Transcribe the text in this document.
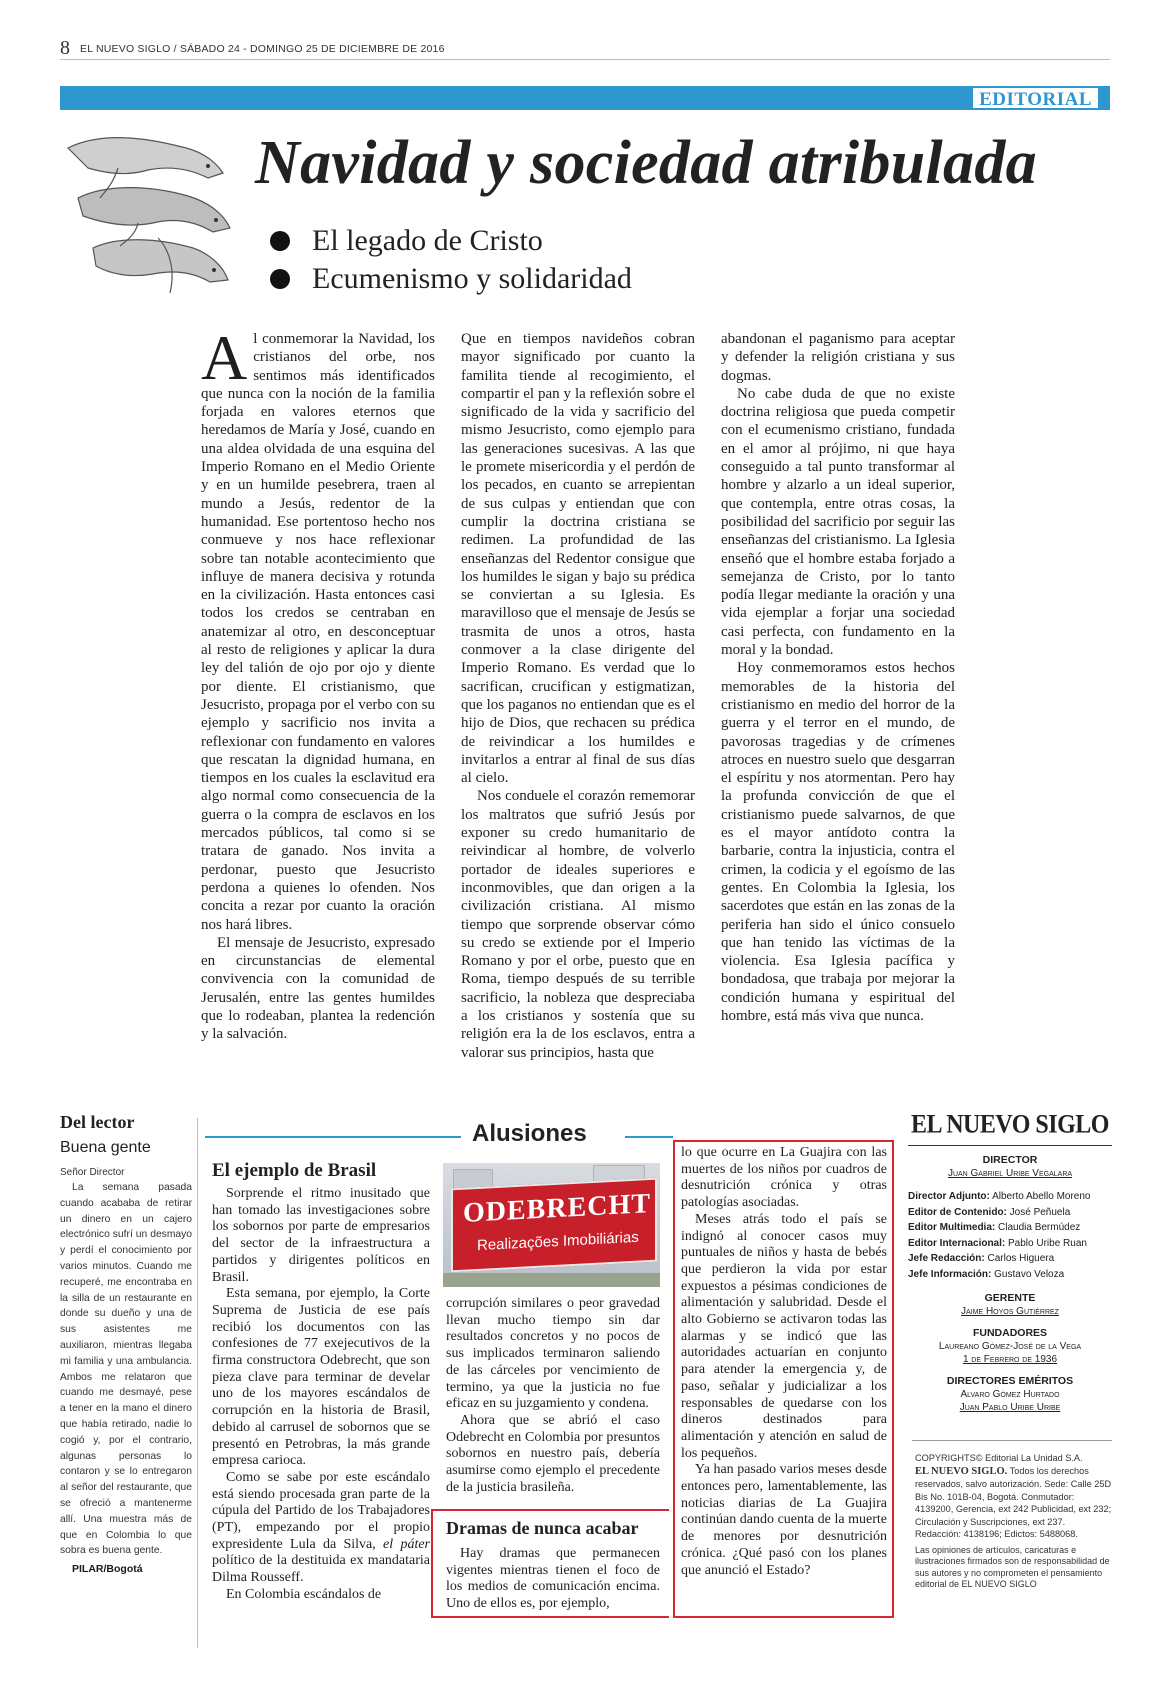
8 EL NUEVO SIGLO / SÁBADO 24 - DOMINGO 25 DE DICIEMBRE DE 2016
EDITORIAL
Navidad y sociedad atribulada
El legado de Cristo
Ecumenismo y solidaridad

Al conmemorar la Navidad, los cristianos del orbe, nos sentimos más identificados que nunca con la noción de la familia forjada en valores eternos que heredamos de María y José, cuando en una aldea olvidada de una esquina del Imperio Romano en el Medio Oriente y en un humilde pesebrera, traen al mundo a Jesús, redentor de la humanidad. Ese portentoso hecho nos conmueve y nos hace reflexionar sobre tan notable acontecimiento que influye de manera decisiva y rotunda en la civilización. Hasta entonces casi todos los credos se centraban en anatemizar al otro, en desconceptuar al resto de religiones y aplicar la dura ley del talión de ojo por ojo y diente por diente. El cristianismo, que Jesucristo, propaga por el verbo con su ejemplo y sacrificio nos invita a reflexionar con fundamento en valores que rescatan la dignidad humana, en tiempos en los cuales la esclavitud era algo normal como consecuencia de la guerra o la compra de esclavos en los mercados públicos, tal como si se tratara de ganado. Nos invita a perdonar, puesto que Jesucristo perdona a quienes lo ofenden. Nos concita a rezar por cuanto la oración nos hará libres.

El mensaje de Jesucristo, expresado en circunstancias de elemental convivencia con la comunidad de Jerusalén, entre las gentes humildes que lo rodeaban, plantea la redención y la salvación.

Que en tiempos navideños cobran mayor significado por cuanto la familita tiende al recogimiento, el compartir el pan y la reflexión sobre el significado de la vida y sacrificio del mismo Jesucristo, como ejemplo para las generaciones sucesivas. A las que le promete misericordia y el perdón de los pecados, en cuanto se arrepientan de sus culpas y entiendan que con cumplir la doctrina cristiana se redimen. La profundidad de las enseñanzas del Redentor consigue que los humildes le sigan y bajo su prédica se conviertan a su Iglesia. Es maravilloso que el mensaje de Jesús se trasmita de unos a otros, hasta conmover a la clase dirigente del Imperio Romano. Es verdad que lo sacrifican, crucifican y estigmatizan, que los paganos no entiendan que es el hijo de Dios, que rechacen su prédica de reivindicar a los humildes e invitarlos a entrar al final de sus días al cielo.

Nos conduele el corazón rememorar los maltratos que sufrió Jesús por exponer su credo humanitario de reivindicar al hombre, de volverlo portador de ideales superiores e inconmovibles, que dan origen a la civilización cristiana. Al mismo tiempo que sorprende observar cómo su credo se extiende por el Imperio Romano y por el orbe, puesto que en Roma, tiempo después de su terrible sacrificio, la nobleza que despreciaba a los cristianos y sostenía que su religión era la de los esclavos, entra a valorar sus principios, hasta que

abandonan el paganismo para aceptar y defender la religión cristiana y sus dogmas.

No cabe duda de que no existe doctrina religiosa que pueda competir con el ecumenismo cristiano, fundada en el amor al prójimo, ni que haya conseguido a tal punto transformar al hombre y alzarlo a un ideal superior, que contempla, entre otras cosas, la posibilidad del sacrificio por seguir las enseñanzas del cristianismo. La Iglesia enseñó que el hombre estaba forjado a semejanza de Cristo, por lo tanto podía llegar mediante la oración y una vida ejemplar a forjar una sociedad casi perfecta, con fundamento en la moral y la bondad.

Hoy conmemoramos estos hechos memorables de la historia del cristianismo en medio del horror de la guerra y el terror en el mundo, de pavorosas tragedias y de crímenes atroces en nuestro suelo que desgarran el espíritu y nos atormentan. Pero hay la profunda convicción de que el cristianismo puede salvarnos, de que es el mayor antídoto contra la barbarie, contra la injusticia, contra el crimen, la codicia y el egoísmo de las gentes. En Colombia la Iglesia, los sacerdotes que están en las zonas de la periferia han sido el único consuelo que han tenido las víctimas de la violencia. Esa Iglesia pacífica y bondadosa, que trabaja por mejorar la condición humana y espiritual del hombre, está más viva que nunca.

Del lector
Buena gente
Señor Director
La semana pasada cuando acababa de retirar un dinero en un cajero electrónico sufrí un desmayo y perdí el conocimiento por varios minutos. Cuando me recuperé, me encontraba en la silla de un restaurante en donde su dueño y una de sus asistentes me auxiliaron, mientras llegaba mi familia y una ambulancia. Ambos me relataron que cuando me desmayé, pese a tener en la mano el dinero que había retirado, nadie lo cogió y, por el contrario, algunas personas lo contaron y se lo entregaron al señor del restaurante, que se ofreció a mantenerme allí. Una muestra más de que en Colombia lo que sobra es buena gente.
PILAR/Bogotá
Alusiones
El ejemplo de Brasil

Sorprende el ritmo inusitado que han tomado las investigaciones sobre los sobornos por parte de empresarios del sector de la infraestructura a partidos y dirigentes políticos en Brasil.

Esta semana, por ejemplo, la Corte Suprema de Justicia de ese país recibió los documentos con las confesiones de 77 exejecutivos de la firma constructora Odebrecht, que son pieza clave para terminar de develar uno de los mayores escándalos de corrupción en la historia de Brasil, debido al carrusel de sobornos que se presentó en Petrobras, la más grande empresa carioca.

Como se sabe por este escándalo está siendo procesada gran parte de la cúpula del Partido de los Trabajadores (PT), empezando por el propio expresidente Lula da Silva, el páter político de la destituida ex mandataria Dilma Rousseff.

En Colombia escándalos de

ODEBRECHT
Realizações Imobiliárias

corrupción similares o peor gravedad llevan mucho tiempo sin dar resultados concretos y no pocos de sus implicados terminaron saliendo de las cárceles por vencimiento de termino, ya que la justicia no fue eficaz en su juzgamiento y condena.

Ahora que se abrió el caso Odebrecht en Colombia por presuntos sobornos en nuestro país, debería asumirse como ejemplo el precedente de la justicia brasileña.

Dramas de nunca acabar

Hay dramas que permanecen vigentes mientras tienen el foco de los medios de comunicación encima. Uno de ellos es, por ejemplo,

lo que ocurre en La Guajira con las muertes de los niños por cuadros de desnutrición crónica y otras patologías asociadas.

Meses atrás todo el país se indignó al conocer casos muy puntuales de niños y hasta de bebés que perdieron la vida por estar expuestos a pésimas condiciones de alimentación y salubridad. Desde el alto Gobierno se activaron todas las alarmas y se indicó que las autoridades actuarían en conjunto para atender la emergencia y, de paso, señalar y judicializar a los responsables de quedarse con los dineros destinados para alimentación y atención en salud de los pequeños.

Ya han pasado varios meses desde entonces pero, lamentablemente, las noticias diarias de La Guajira continúan dando cuenta de la muerte de menores por desnutrición crónica. ¿Qué pasó con los planes que anunció el Estado?

EL NUEVO SIGLO
DIRECTOR
Juan Gabriel Uribe Vegalara
Director Adjunto: Alberto Abello Moreno
Editor de Contenido: José Peñuela
Editor Multimedia: Claudia Bermúdez
Editor Internacional: Pablo Uribe Ruan
Jefe Redacción: Carlos Higuera
Jefe Información: Gustavo Veloza
GERENTE
Jaime Hoyos Gutiérrez
FUNDADORES
Laureano Gómez-José de la Vega
1 de Febrero de 1936
DIRECTORES EMÉRITOS
Alvaro Gómez Hurtado
Juan Pablo Uribe Uribe
COPYRIGHTS© Editorial La Unidad S.A.
EL NUEVO SIGLO. Todos los derechos reservados, salvo autorización. Sede: Calle 25D Bis No. 101B-04, Bogotá. Conmutador: 4139200, Gerencia, ext 242 Publicidad, ext 232; Circulación y Suscripciones, ext 237. Redacción: 4138196; Edictos: 5488068.
Las opiniones de artículos, caricaturas e ilustraciones firmados son de responsabilidad de sus autores y no comprometen el pensamiento editorial de EL NUEVO SIGLO
